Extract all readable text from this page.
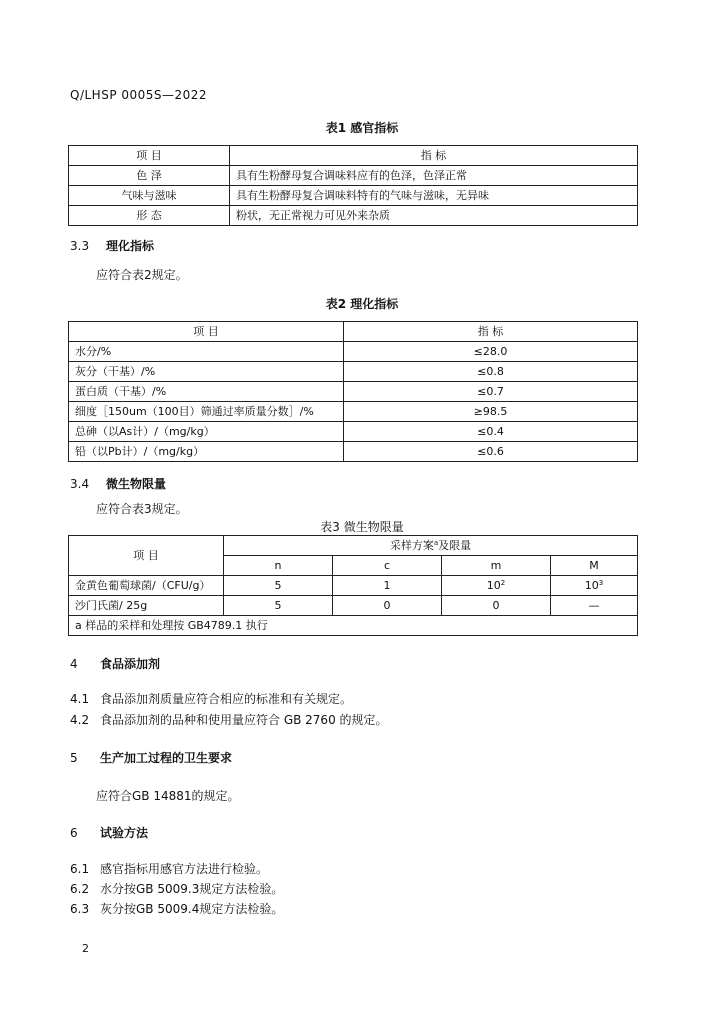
Q/LHSP 0005S—2022
表1 感官指标
项 目	指 标
色 泽	具有生粉酵母复合调味料应有的色泽，色泽正常
气味与滋味	具有生粉酵母复合调味料特有的气味与滋味，无异味
形 态	粉状，无正常视力可见外来杂质
3.3 理化指标
应符合表2规定。
表2 理化指标
项 目	指 标
水分/%	≤28.0
灰分（干基）/%	≤0.8
蛋白质（干基）/%	≤0.7
细度［150um（100目）筛通过率质量分数］/%	≥98.5
总砷（以As计）/（mg/kg）	≤0.4
铅（以Pb计）/（mg/kg）	≤0.6
3.4 微生物限量
应符合表3规定。
表3 微生物限量
项 目	采样方案$^a$及限量			
	n	c	m	M
金黄色葡萄球菌/（CFU/g）	5	1	$10^2$	$10^3$
沙门氏菌/ 25g	5	0	0	—
a 样品的采样和处理按 GB4789.1 执行				
4 食品添加剂
4.1 食品添加剂质量应符合相应的标准和有关规定。
4.2 食品添加剂的品种和使用量应符合 GB 2760 的规定。
5 生产加工过程的卫生要求
应符合GB 14881的规定。
6 试验方法
6.1 感官指标用感官方法进行检验。
6.2 水分按GB 5009.3规定方法检验。
6.3 灰分按GB 5009.4规定方法检验。
2
